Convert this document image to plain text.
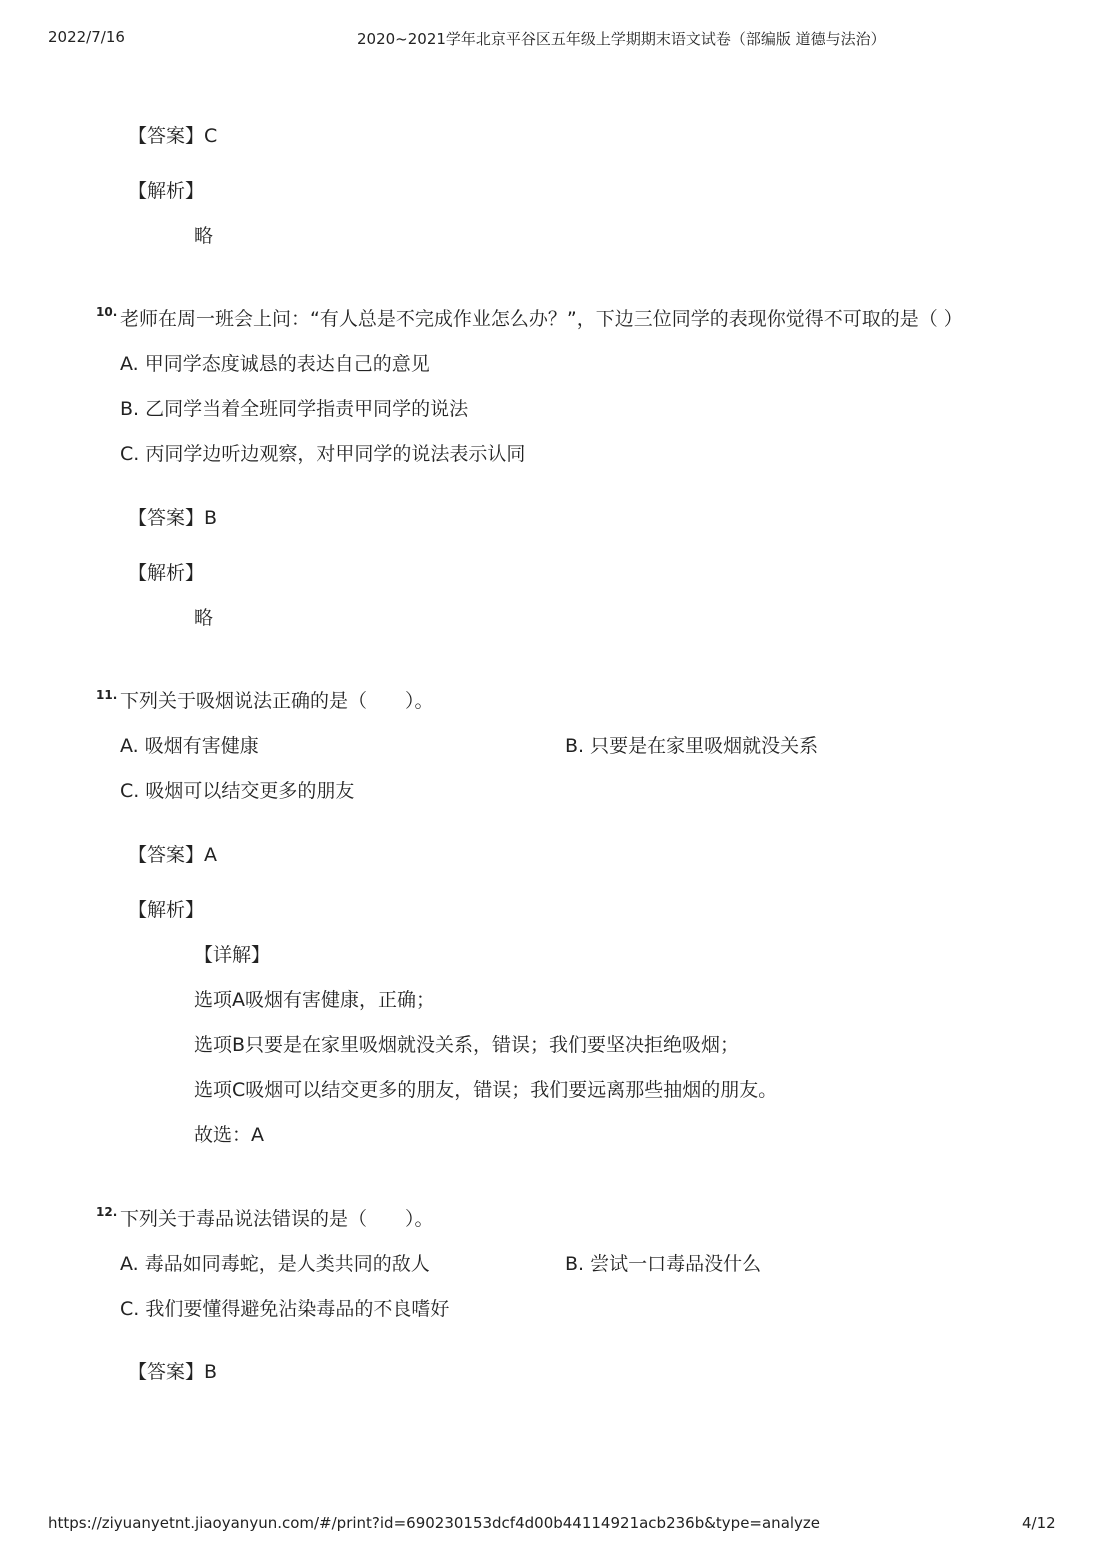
2022/7/16	2020~2021学年北京平谷区五年级上学期期末语文试卷（部编版 道德与法治）
【答案】C
【解析】
略
10. 老师在周一班会上问：“有人总是不完成作业怎么办？”，下边三位同学的表现你觉得不可取的是（ ）
A. 甲同学态度诚恳的表达自己的意见
B. 乙同学当着全班同学指责甲同学的说法
C. 丙同学边听边观察，对甲同学的说法表示认同
【答案】B
【解析】
略
11. 下列关于吸烟说法正确的是（　　）。
A. 吸烟有害健康	B. 只要是在家里吸烟就没关系
C. 吸烟可以结交更多的朋友
【答案】A
【解析】
【详解】
选项A吸烟有害健康，正确；
选项B只要是在家里吸烟就没关系，错误；我们要坚决拒绝吸烟；
选项C吸烟可以结交更多的朋友，错误；我们要远离那些抽烟的朋友。
故选：A
12. 下列关于毒品说法错误的是（　　）。
A. 毒品如同毒蛇，是人类共同的敌人	B. 尝试一口毒品没什么
C. 我们要懂得避免沾染毒品的不良嗜好
【答案】B
https://ziyuanyetnt.jiaoyanyun.com/#/print?id=690230153dcf4d00b44114921acb236b&type=analyze	4/12
